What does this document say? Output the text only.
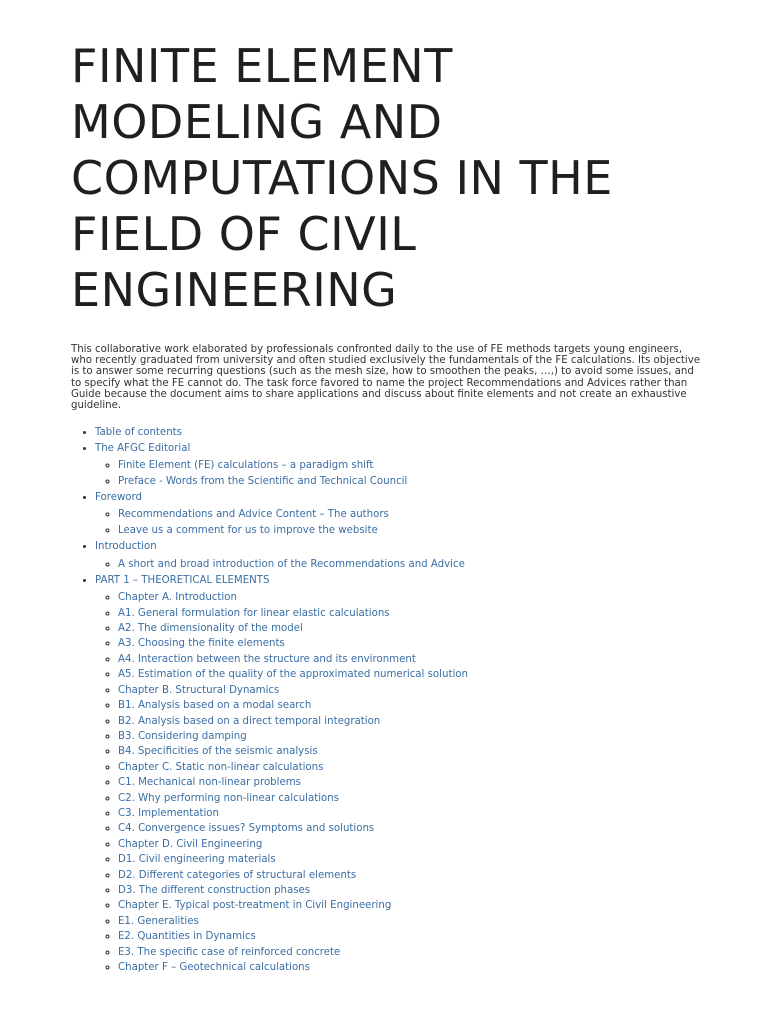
FINITE ELEMENT MODELING AND COMPUTATIONS IN THE FIELD OF CIVIL ENGINEERING

This collaborative work elaborated by professionals confronted daily to the use of FE methods targets young engineers, who recently graduated from university and often studied exclusively the fundamentals of the FE calculations. Its objective is to answer some recurring questions (such as the mesh size, how to smoothen the peaks, …,) to avoid some issues, and to specify what the FE cannot do. The task force favored to name the project Recommendations and Advices rather than Guide because the document aims to share applications and discuss about finite elements and not create an exhaustive guideline.

• Table of contents
• The AFGC Editorial
◦ Finite Element (FE) calculations – a paradigm shift
◦ Preface - Words from the Scientific and Technical Council
• Foreword
◦ Recommendations and Advice Content – The authors
◦ Leave us a comment for us to improve the website
• Introduction
◦ A short and broad introduction of the Recommendations and Advice
• PART 1 – THEORETICAL ELEMENTS
◦ Chapter A. Introduction
◦ A1. General formulation for linear elastic calculations
◦ A2. The dimensionality of the model
◦ A3. Choosing the finite elements
◦ A4. Interaction between the structure and its environment
◦ A5. Estimation of the quality of the approximated numerical solution
◦ Chapter B. Structural Dynamics
◦ B1. Analysis based on a modal search
◦ B2. Analysis based on a direct temporal integration
◦ B3. Considering damping
◦ B4. Specificities of the seismic analysis
◦ Chapter C. Static non-linear calculations
◦ C1. Mechanical non-linear problems
◦ C2. Why performing non-linear calculations
◦ C3. Implementation
◦ C4. Convergence issues? Symptoms and solutions
◦ Chapter D. Civil Engineering
◦ D1. Civil engineering materials
◦ D2. Different categories of structural elements
◦ D3. The different construction phases
◦ Chapter E. Typical post-treatment in Civil Engineering
◦ E1. Generalities
◦ E2. Quantities in Dynamics
◦ E3. The specific case of reinforced concrete
◦ Chapter F – Geotechnical calculations
